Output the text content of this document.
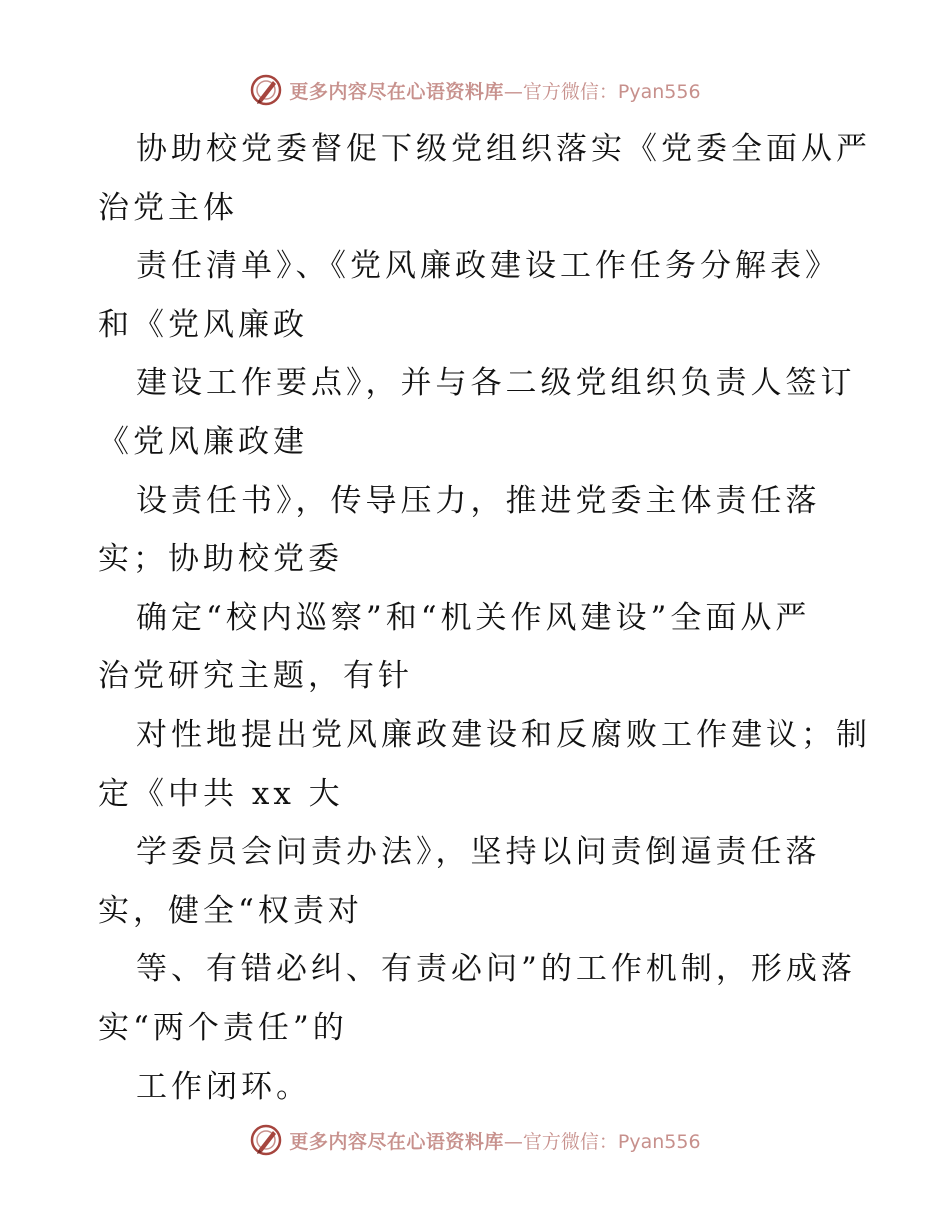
更多内容尽在心语资料库 —官方微信：Pyan556
协助校党委督促下级党组织落实《党委全面从严
治党主体
责任清单》、《党风廉政建设工作任务分解表》
和《党风廉政
建设工作要点》，并与各二级党组织负责人签订
《党风廉政建
设责任书》，传导压力，推进党委主体责任落
实；协助校党委
确定“校内巡察”和“机关作风建设”全面从严
治党研究主题，有针
对性地提出党风廉政建设和反腐败工作建议；制
定《中共 xx 大
学委员会问责办法》，坚持以问责倒逼责任落
实，健全“权责对
等、有错必纠、有责必问”的工作机制，形成落
实“两个责任”的
工作闭环。
更多内容尽在心语资料库 —官方微信：Pyan556
